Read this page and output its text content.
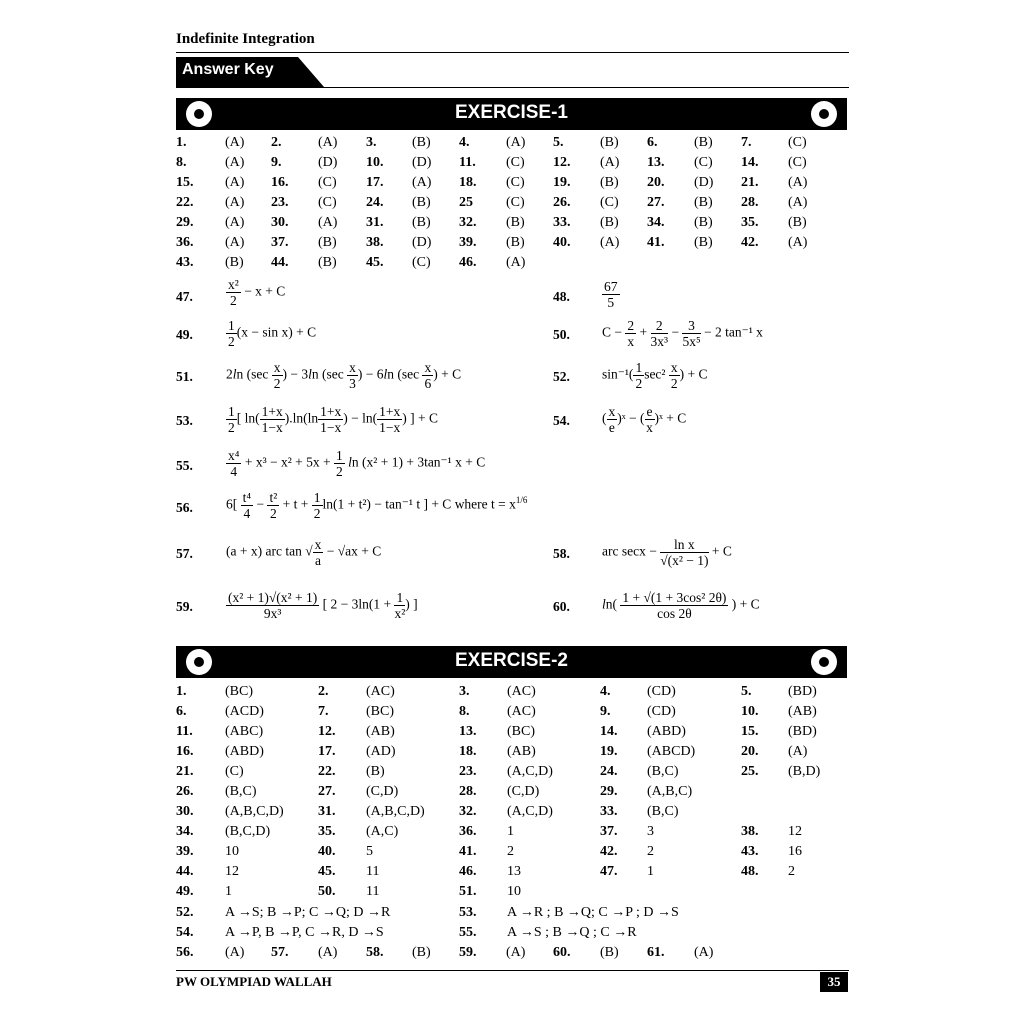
Indefinite Integration
Answer Key
EXERCISE-1
1.	(A) 2.	(A) 3.	(B) 4.	(A) 5.	(B) 6.	(B) 7.	(C)
8.	(A) 9.	(D) 10. (D) 11. (C) 12. (A) 13. (C) 14. (C)
15. (A) 16. (C) 17. (A) 18. (C) 19. (B) 20. (D) 21. (A)
22. (A) 23. (C) 24. (B) 25 (C) 26. (C) 27. (B) 28. (A)
29. (A) 30. (A) 31. (B) 32. (B) 33. (B) 34. (B) 35. (B)
36. (A) 37. (B) 38. (D) 39. (B) 40. (A) 41. (B) 42. (A)
43. (B) 44. (B) 45. (C) 46. (A)
47. $\frac{\text{x²}}{2} - x + C$	48. $\frac{67}{5}$
49. $\frac{1}{2} (x - \sin x) + C$	50. $C - \frac{2}{x} + \frac{2}{\text{3x³}} - \frac{3}{\text{5x⁵}} - 2$ tan⁻¹ x
51. 2ln ($\sec \frac{x}{2}$ ) − 3ln ($\sec \frac{x}{3}$ ) − 6ln ($\sec \frac{x}{6}$ ) + C	52. $\sin^{-1}( \frac{1}{2} \sec^2 \frac{x}{2}$ ) + C
53. $\frac{1}{2}$ [ $\ln( \frac{1+x}{1-x} ).\ln(\ln \frac{1+x}{1-x}$ ) − $\ln( \frac{1+x}{1-x}$ ) ] + C	54. ( $\frac{x}{e}$ )ˣ − ( $\frac{e}{x}$ )ˣ + C
55. $\frac{\text{x⁴}}{4} + x^3 - x^2 + 5x + \frac{1}{2}$ ln (x² + 1) + 3tan⁻¹ x + C
56. $6[ \frac{\text{t⁴}}{4} - \frac{\text{t²}}{2} + t + \frac{1}{2} \ln(1 + t^2) - \tan^{-1}$ t ] + C where $t = x^{1/6}$
57. (a + x) arc tan √ $\frac{x}{a} - √ax + C$	58. arc $\sec x - \frac{\text{ln x}}{\text{√(x² − 1)}} + C$
59. $\frac{\text{(x² + 1)√(x² + 1)}}{\text{9x³}}$ [ $2 - 3\ln(1 + \frac{1}{\text{x²}}$ ) ]	60. $\ln( \frac{\text{1 + √(1 + 3cos² 2θ)}}{\cos 2\theta}$ ) + C
EXERCISE-2
1.	(BC)	2.	(AC)	3.	(AC)	4.	(CD)	5.	(BD)
6.	(ACD)	7.	(BC)	8.	(AC)	9.	(CD)	10. (AB)
11. (ABC)	12. (AB)	13. (BC)	14. (ABD)	15. (BD)
16. (ABD)	17. (AD)	18. (AB)	19. (ABCD)	20. (A)
21. (C)	22. (B)	23. (A,C,D)	24. (B,C)	25. (B,D)
26. (B,C)	27. (C,D)	28. (C,D)	29. (A,B,C)
30. (A,B,C,D) 31. (A,B,C,D) 32. (A,C,D)	33. (B,C)
34. (B,C,D)	35. (A,C)	36. 1	37. 3	38. 12
39. 10	40. 5	41. 2	42. 2	43. 16
44. 12	45. 11	46. 13	47. 1	48. 2
49. 1	50. 11	51. 10
52. A →S; B →P; C →Q; D →R	53. A →R ; B →Q; C →P ; D →S
54. A →P, B →P, C →R, D →S	55. A →S ; B →Q ; C →R
56. (A) 57. (A) 58. (B) 59. (A) 60. (B) 61. (A)
PW OLYMPIAD WALLAH	35
